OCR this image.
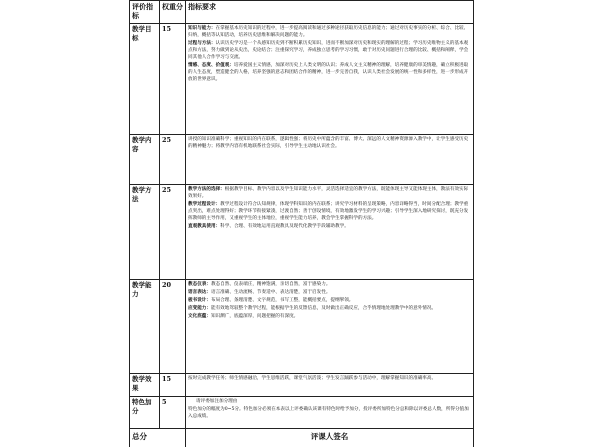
评价指标	权重分	指标要求
教学目标	15	知识与能力：在掌握基本历史知识的过程中，进一步提高阅读和通过多种途径获取历史信息的能力；通过对历史事实的分析、综合、比较、归纳，概括等认知活动，培养历史思维和解决问题的能力。
过程与方法：认识历史学习是一个从感知历史到不断积累历史知识，进而不断加深对历史和现实的理解的过程；学习历史唯物主义的基本观点和方法，努力做到论从史出，史论结合；注重探究学习，养成独立思考的学习习惯，敢于对历史问题进行合理的比较、概括和阐释，学会同其他人合作学习与交流。
情感、态度、价值观：培养爱国主义情感，加深对历史上人类文明的认识；养成人文主义精神的理解，培养健康的审美情趣，确立积极进取的人生态度，塑造健全的人格，培养坚强的意志和团结合作的精神，进一步完善自我，认识人类社会发展的统一性和多样性，进一步形成开放的世界意识。

教学内容	25	讲授的知识准确科学；重视知识的内在联系，逻辑性强；将历史中所蕴含的丰富、博大、深远的人文精神资源渗入教学中，让学生感受历史的精神魅力；将教学内容有机地联系社会实际，引导学生主动地认识社会。

教学方法	25	教学方法的选择：根据教学目标、教学内容以及学生知识能力水平，灵活选择适宜的教学方法，既能体现主导又能体现主体，教法有效实际效果好。
教学过程设计：教学过程设计符合认知规律，体现学科知识的内在联系；讲究学习材料的呈现策略，内容详略得当，时间分配合理；教学重点突出，难点处理得好；教学环节衔接紧凑，过渡自然；善于创设情境，有效地激发学生的学习兴趣；引导学生深入地研究探讨，既充分发挥教师的主导作用，又重视学生的主体地位，重视学生能力培养，教会学生掌握科学的方法。
直观教具使用：科学、合理、有效地运用直观教具及现代化教学手段辅助教学。

教学能力	20	教态仪表：教态自然、仪表端庄，精神饱满，亲切自然，富于感染力。
语言表达：语言准确、生动流畅、节奏适中、表达清楚，富于启发性。
板书设计：布局合理、条理清楚、文字规范，书写工整，能概括要点，提纲挈领。
应变能力：能有效地驾驭整个教学过程，能根据学生的反馈信息，及时做出正确反应，合乎情理地处理教学中的意外情况。
文化底蕴：知识渊广，底蕴深厚，问题把握的有深度。

教学效果	15	按时完成教学任务；师生情感融洽，学生思维活跃，课堂气氛活泼；学生发言踊跃参与活动中，理解掌握知识的准确率高。

特色加分	5	请评委加注加分理由
特色加分的幅度为0~5分。特色加分必须在本表以上评委确认该课有特色时给予加分，投评委所加特色分总和除以评委总人数，所得分值加入总成绩。

总分		评课人签名
